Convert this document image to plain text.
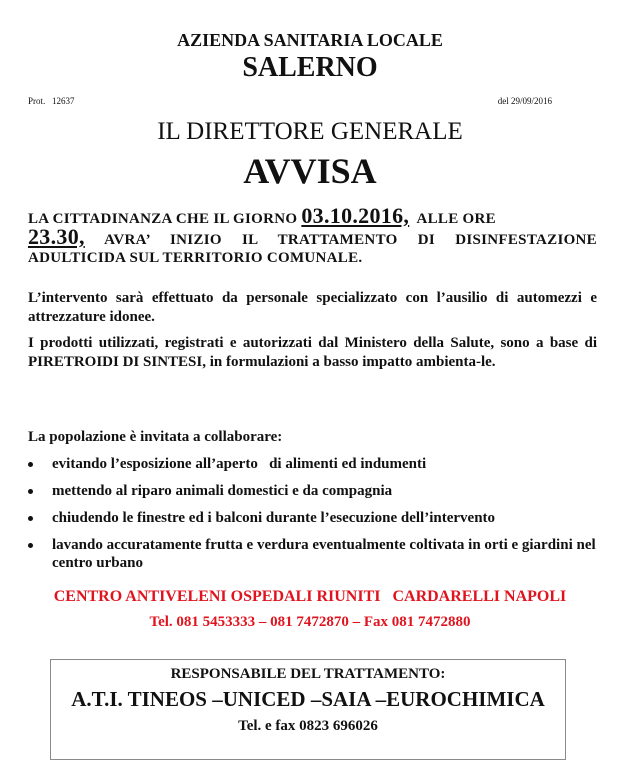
AZIENDA SANITARIA LOCALE
SALERNO
Prot.   12637	del 29/09/2016
IL DIRETTORE GENERALE
AVVISA
LA CITTADINANZA CHE IL GIORNO 03.10.2016,  ALLE ORE
23.30, AVRA’ INIZIO IL TRATTAMENTO DI DISINFESTAZIONE ADULTICIDA SUL TERRITORIO COMUNALE.
L’intervento sarà effettuato da personale specializzato con l’ausilio di automezzi e attrezzature idonee.
I prodotti utilizzati, registrati e autorizzati dal Ministero della Salute, sono a base di PIRETROIDI DI SINTESI, in formulazioni a basso impatto ambienta-le.
La popolazione è invitata a collaborare:
evitando l’esposizione all’aperto   di alimenti ed indumenti
mettendo al riparo animali domestici e da compagnia
chiudendo le finestre ed i balconi durante l’esecuzione dell’intervento
lavando accuratamente frutta e verdura eventualmente coltivata in orti e giardini nel centro urbano
CENTRO ANTIVELENI OSPEDALI RIUNITI   CARDARELLI NAPOLI
Tel. 081 5453333 – 081 7472870 – Fax 081 7472880
RESPONSABILE DEL TRATTAMENTO:
A.T.I. TINEOS –UNICED –SAIA –EUROCHIMICA
Tel. e fax 0823 696026
